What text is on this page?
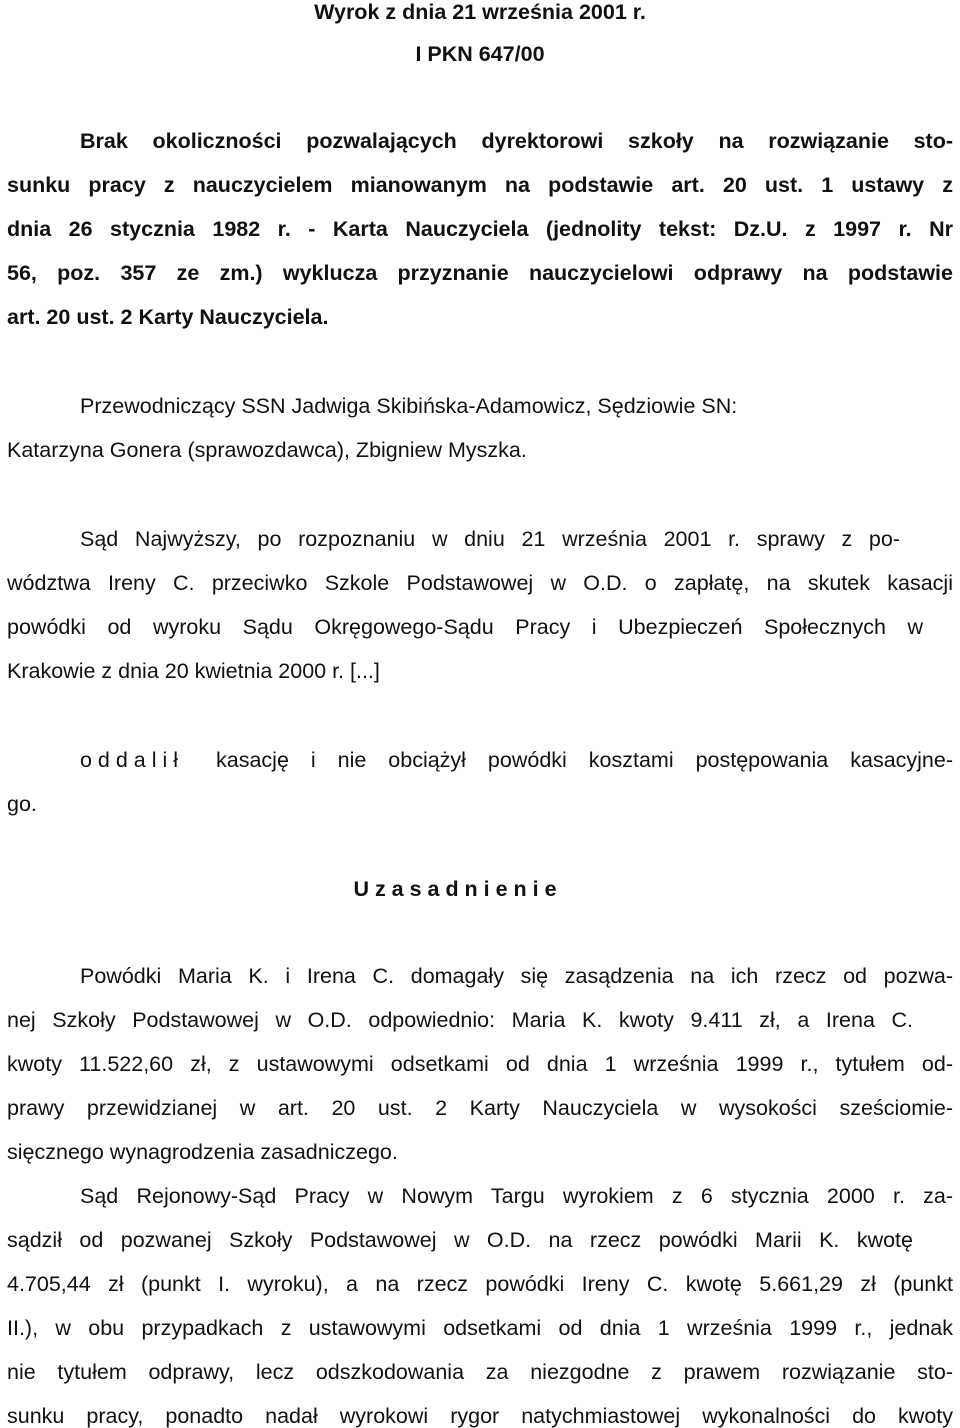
Wyrok z dnia 21 września 2001 r.
I PKN 647/00
Brak okoliczności pozwalających dyrektorowi szkoły na rozwiązanie sto-
sunku pracy z nauczycielem mianowanym na podstawie art. 20 ust. 1 ustawy z
dnia 26 stycznia 1982 r. - Karta Nauczyciela (jednolity tekst: Dz.U. z 1997 r. Nr
56, poz. 357 ze zm.) wyklucza przyznanie nauczycielowi odprawy na podstawie
art. 20 ust. 2 Karty Nauczyciela.
Przewodniczący SSN Jadwiga Skibińska-Adamowicz, Sędziowie SN:
Katarzyna Gonera (sprawozdawca), Zbigniew Myszka.
Sąd Najwyższy, po rozpoznaniu w dniu 21 września 2001 r. sprawy z po-
wództwa Ireny C. przeciwko Szkole Podstawowej w O.D. o zapłatę, na skutek kasacji
powódki od wyroku Sądu Okręgowego-Sądu Pracy i Ubezpieczeń Społecznych w
Krakowie z dnia 20 kwietnia 2000 r. [...]
o d d a l i ł kasację i nie obciążył powódki kosztami postępowania kasacyjne-
go.
U z a s a d n i e n i e
Powódki Maria K. i Irena C. domagały się zasądzenia na ich rzecz od pozwa-
nej Szkoły Podstawowej w O.D. odpowiednio: Maria K. kwoty 9.411 zł, a Irena C.
kwoty 11.522,60 zł, z ustawowymi odsetkami od dnia 1 września 1999 r., tytułem od-
prawy przewidzianej w art. 20 ust. 2 Karty Nauczyciela w wysokości sześciomie-
sięcznego wynagrodzenia zasadniczego.
Sąd Rejonowy-Sąd Pracy w Nowym Targu wyrokiem z 6 stycznia 2000 r. za-
sądził od pozwanej Szkoły Podstawowej w O.D. na rzecz powódki Marii K. kwotę
4.705,44 zł (punkt I. wyroku), a na rzecz powódki Ireny C. kwotę 5.661,29 zł (punkt
II.), w obu przypadkach z ustawowymi odsetkami od dnia 1 września 1999 r., jednak
nie tytułem odprawy, lecz odszkodowania za niezgodne z prawem rozwiązanie sto-
sunku pracy, ponadto nadał wyrokowi rygor natychmiastowej wykonalności do kwoty
